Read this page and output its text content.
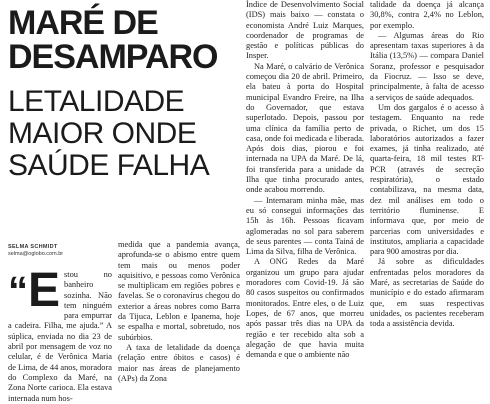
MARÉ DE
DESAMPARO
LETALIDADE
MAIOR ONDE
SAÚDE FALHA
SELMA SCHMIDT
selma@oglobo.com.br
“E stou no banheiro sozinha. Não tem ninguém para empurrar a cadeira. Filha, me ajuda.” A súplica, enviada no dia 23 de abril por mensagem de voz no celular, é de Verônica Maria de Lima, de 44 anos, moradora do Complexo da Maré, na Zona Norte carioca. Ela estava internada num hos-

medida que a pandemia avança, aprofunda-se o abismo entre quem tem mais ou menos poder aquisitivo, e pessoas como Verônica se multiplicam em regiões pobres e favelas. Se o coronavírus chegou do exterior a áreas nobres como Barra da Tijuca, Leblon e Ipanema, hoje se espalha e mortal, sobretudo, nos subúrbios.

A taxa de letalidade da doença (relação entre óbitos e casos) é maior nas áreas de planejamento (APs) da Zona

Índice de Desenvolvimento Social (IDS) mais baixo — constata o economista André Luiz Marques, coordenador de programas de gestão e políticas públicas do Insper.

Na Maré, o calvário de Verônica começou dia 20 de abril. Primeiro, ela bateu à porta do Hospital municipal Evandro Freire, na Ilha do Governador, que estava superlotado. Depois, passou por uma clínica da família perto de casa, onde foi medicada e liberada. Após dois dias, piorou e foi internada na UPA da Maré. De lá, foi transferida para a unidade da Ilha que tinha procurado antes, onde acabou morrendo.

— Internaram minha mãe, mas eu só consegui informações das 15h às 16h. Pessoas ficavam aglomeradas no sol para saberem de seus parentes — conta Tainá de Lima da Silva, filha de Verônica.

A ONG Redes da Maré organizou um grupo para ajudar moradores com Covid-19. Já são 80 casos suspeitos ou confirmados monitorados. Entre eles, o de Luiz Lopes, de 67 anos, que morreu após passar três dias na UPA da região e ter recebido alta sob a alegação de que havia muita demanda e que o ambiente não

talidade da doença já alcança 30,8%, contra 2,4% no Leblon, por exemplo.

— Algumas áreas do Rio apresentam taxas superiores à da Itália (13,5%) — compara Daniel Soranz, professor e pesquisador da Fiocruz. — Isso se deve, principalmente, à falta de acesso a serviços de saúde adequados.

Um dos gargalos é o acesso à testagem. Enquanto na rede privada, o Richet, um dos 15 laboratórios autorizados a fazer exames, já tinha realizado, até quarta-feira, 18 mil testes RT-PCR (através de secreção respiratória), o estado contabilizava, na mesma data, dez mil análises em todo o território fluminense. E informava que, por meio de parcerias com universidades e institutos, ampliaria a capacidade para 900 amostras por dia.

Já sobre as dificuldades enfrentadas pelos moradores da Maré, as secretarias de Saúde do município e do estado afirmaram que, em suas respectivas unidades, os pacientes receberam toda a assistência devida.
